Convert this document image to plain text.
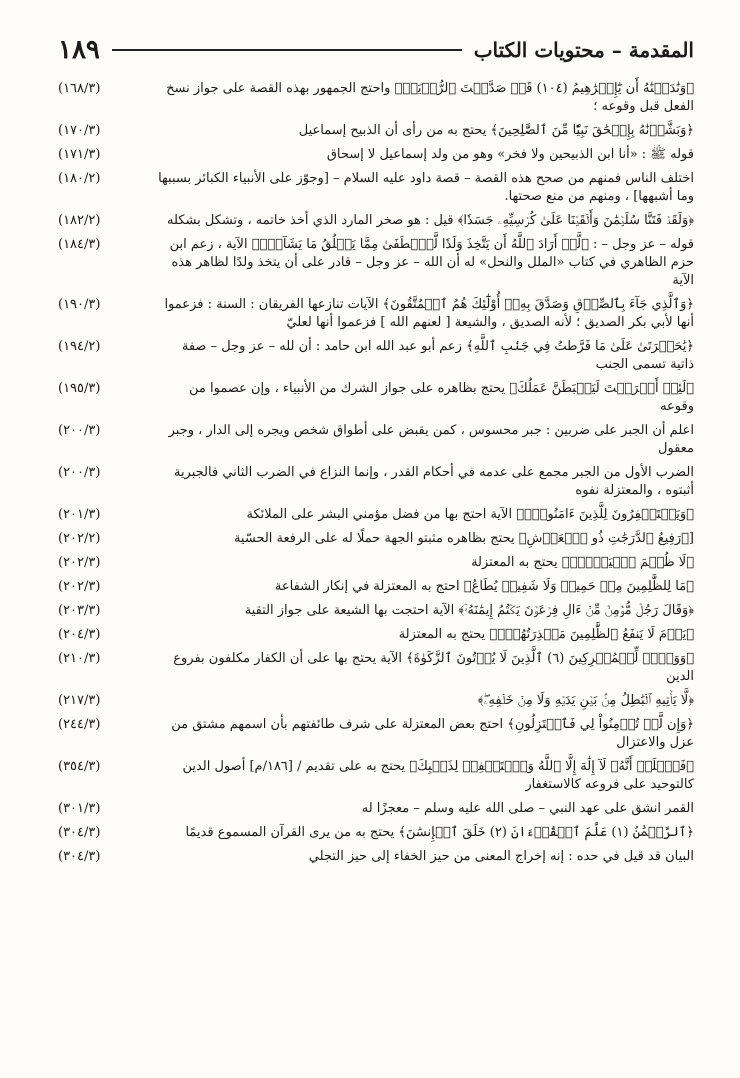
المقدمة – محتويات الكتاب
١٨٩
﴿وَنَٰدَيۡنَٰهُ أَن يَٰٓإِبۡرَٰهِيمُ (١٠٤) قَدۡ صَدَّقۡتَ ٱلرُّءۡيَآۚ﴾ واحتج الجمهور بهذه القصة على جواز نسخ الفعل قبل وقوعه ؛
(١٦٨/٣)
﴿وَبَشَّرۡنَٰهُ بِإِسۡحَٰقَ نَبِيّٗا مِّنَ ٱلصَّٰلِحِينَ﴾ يحتج به من رأى أن الذبيح إسماعيل
(١٧٠/٣)
قوله ﷺ : «أنا ابن الذبيحين ولا فخر» وهو من ولد إسماعيل لا إسحاق
(١٧١/٣)
اختلف الناس فمنهم من صحح هذه القصة – قصة داود عليه السلام – [وجوّز على الأنبياء الكبائر بسببها وما أشبهها] ، ومنهم من منع صحتها.
(١٨٠/٢)
﴿وَلَقَدۡ فَتَنَّا سُلَيۡمَٰنَ وَأَلۡقَيۡنَا عَلَىٰ كُرۡسِيِّهِۦ جَسَدٗا﴾ قيل : هو صخر المارد الذي أخذ خاتمه ، وتشكل بشكله
(١٨٢/٢)
قوله – عز وجل – : ﴿لَّوۡ أَرَادَ ٱللَّهُ أَن يَتَّخِذَ وَلَدٗا لَّٱصۡطَفَىٰ مِمَّا يَخۡلُقُ مَا يَشَآءُۚ﴾ الآية ، زعم ابن حزم الظاهري في كتاب «الملل والنحل» له أن الله – عز وجل – قادر على أن يتخذ ولدًا لظاهر هذه الآية
(١٨٤/٣)
﴿وَٱلَّذِي جَآءَ بِٱلصِّدۡقِ وَصَدَّقَ بِهِۦٓ أُوْلَٰٓئِكَ هُمُ ٱلۡمُتَّقُونَ﴾ الآيات تنازعها الفريقان : السنة : فزعموا أنها لأبي بكر الصديق ؛ لأنه الصديق ، والشيعة [ لعنهم الله ] فزعموا أنها لعليّ
(١٩٠/٣)
﴿يَٰحَسۡرَتَىٰ عَلَىٰ مَا فَرَّطتُ فِي جَنۢبِ ٱللَّهِ﴾ زعم أبو عبد الله ابن حامد : أن لله – عز وجل – صفة ذاتية تسمى الجنب
(١٩٤/٢)
﴿لَئِنۡ أَشۡرَكۡتَ لَيَحۡبَطَنَّ عَمَلُكَ﴾ يحتج بظاهره على جواز الشرك من الأنبياء ، وإن عصموا من وقوعه
(١٩٥/٣)
اعلم أن الجبر على ضربين : جبر محسوس ، كمن يقبض على أطواق شخص ويجره إلى الدار ، وجبر معقول
(٢٠٠/٣)
الضرب الأول من الجبر مجمع على عدمه في أحكام القدر ، وإنما النزاع في الضرب الثاني فالجبرية أثبتوه ، والمعتزلة نفوه
(٢٠٠/٣)
﴿وَيَسۡتَغۡفِرُونَ لِلَّذِينَ ءَامَنُواْۖ﴾ الآية احتج بها من فضل مؤمني البشر على الملائكة
(٢٠١/٣)
[﴿رَفِيعُ ٱلدَّرَجَٰتِ ذُو ٱلۡعَرۡشِ﴾ يحتج بظاهره مثبتو الجهة حملًا له على الرفعة الحسّية
(٢٠٢/٢)
﴿لَا ظُلۡمَ ٱلۡيَوۡمَۚ﴾ يحتج به المعتزلة
(٢٠٢/٣)
﴿مَا لِلظَّٰلِمِينَ مِنۡ حَمِيمٖ وَلَا شَفِيعٖ يُطَاعُ﴾ احتج به المعتزلة في إنكار الشفاعة
(٢٠٢/٣)
﴿وَقَالَ رَجُلٞ مُّؤۡمِنٞ مِّنۡ ءَالِ فِرۡعَوۡنَ يَكۡتُمُ إِيمَٰنَهُۥٓ﴾ الآية احتجت بها الشيعة على جواز التقية
(٢٠٣/٣)
﴿يَوۡمَ لَا يَنفَعُ ٱلظَّٰلِمِينَ مَعۡذِرَتُهُمۡۖ﴾ يحتج به المعتزلة
(٢٠٤/٣)
﴿وَوَيۡلٞ لِّلۡمُشۡرِكِينَ (٦) ٱلَّذِينَ لَا يُؤۡتُونَ ٱلزَّكَوٰةَ﴾ الآية يحتج بها على أن الكفار مكلفون بفروع الدين
(٢١٠/٣)
﴿لَّا يَأۡتِيهِ ٱلۡبَٰطِلُ مِنۢ بَيۡنِ يَدَيۡهِ وَلَا مِنۡ خَلۡفِهِۦۖ﴾
(٢١٧/٣)
﴿وَإِن لَّمۡ تُؤۡمِنُواْ لِي فَٱعۡتَزِلُونِ﴾ احتج بعض المعتزلة على شرف طائفتهم بأن اسمهم مشتق من عزل والاعتزال
(٢٤٤/٣)
﴿فَٱعۡلَمۡ أَنَّهُۥ لَآ إِلَٰهَ إِلَّا ٱللَّهُ وَٱسۡتَغۡفِرۡ لِذَنۢبِكَ﴾ يحتج به على تقديم / [١٨٦/م] أصول الدين كالتوحيد على فروعه كالاستغفار
(٣٥٤/٣)
القمر انشق على عهد النبي – صلى الله عليه وسلم – معجزًا له
(٣٠١/٣)
﴿ٱلرَّحۡمَٰنُ (١) عَلَّمَ ٱلۡقُرۡءَانَ (٢) خَلَقَ ٱلۡإِنسَٰنَ﴾ يحتج به من يرى القرآن المسموع قديمًا
(٣٠٤/٣)
البيان قد قيل في حده : إنه إخراج المعنى من حيز الخفاء إلى حيز التجلي
(٣٠٤/٣)
